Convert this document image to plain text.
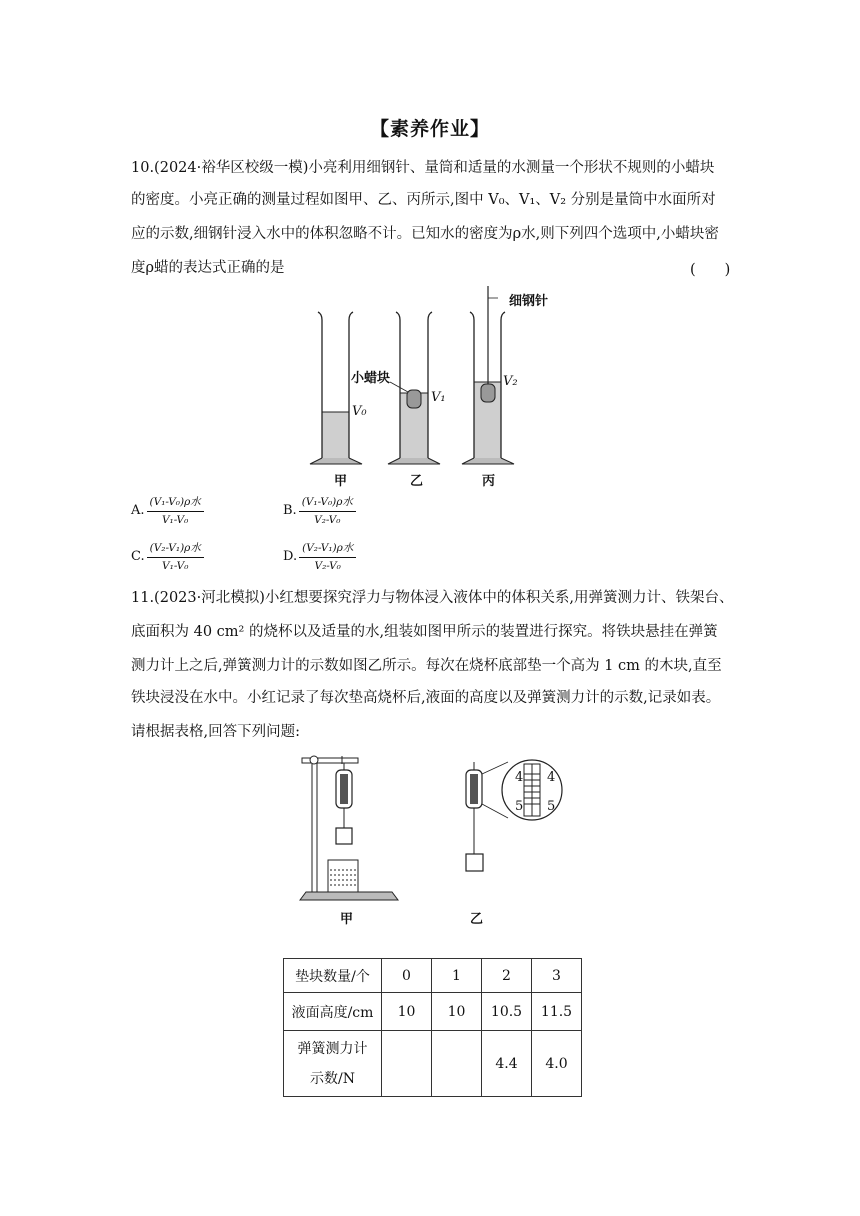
【素养作业】
10.(2024·裕华区校级一模)小亮利用细钢针、量筒和适量的水测量一个形状不规则的小蜡块
的密度。小亮正确的测量过程如图甲、乙、丙所示,图中 V₀、V₁、V₂ 分别是量筒中水面所对
应的示数,细钢针浸入水中的体积忽略不计。已知水的密度为ρ水,则下列四个选项中,小蜡块密
度ρ蜡的表达式正确的是	(　　)
细钢针
小蜡块
V₀
V₁
V₂
甲	乙	丙
A. $\frac{\text{(V₁-V₀)ρ水}}{\text{V₁-V₀}}$	B. $\frac{\text{(V₁-V₀)ρ水}}{\text{V₂-V₀}}$
C. $\frac{\text{(V₂-V₁)ρ水}}{\text{V₁-V₀}}$	D. $\frac{\text{(V₂-V₁)ρ水}}{\text{V₂-V₀}}$
11.(2023·河北模拟)小红想要探究浮力与物体浸入液体中的体积关系,用弹簧测力计、铁架台、
底面积为 40 cm² 的烧杯以及适量的水,组装如图甲所示的装置进行探究。将铁块悬挂在弹簧
测力计上之后,弹簧测力计的示数如图乙所示。每次在烧杯底部垫一个高为 1 cm 的木块,直至
铁块浸没在水中。小红记录了每次垫高烧杯后,液面的高度以及弹簧测力计的示数,记录如表。
请根据表格,回答下列问题:
4 4
5 5
甲	乙
垫块数量/个	0	1	2	3
液面高度/cm	10	10	10.5	11.5

弹簧测力计
示数/N			4.4	4.0
